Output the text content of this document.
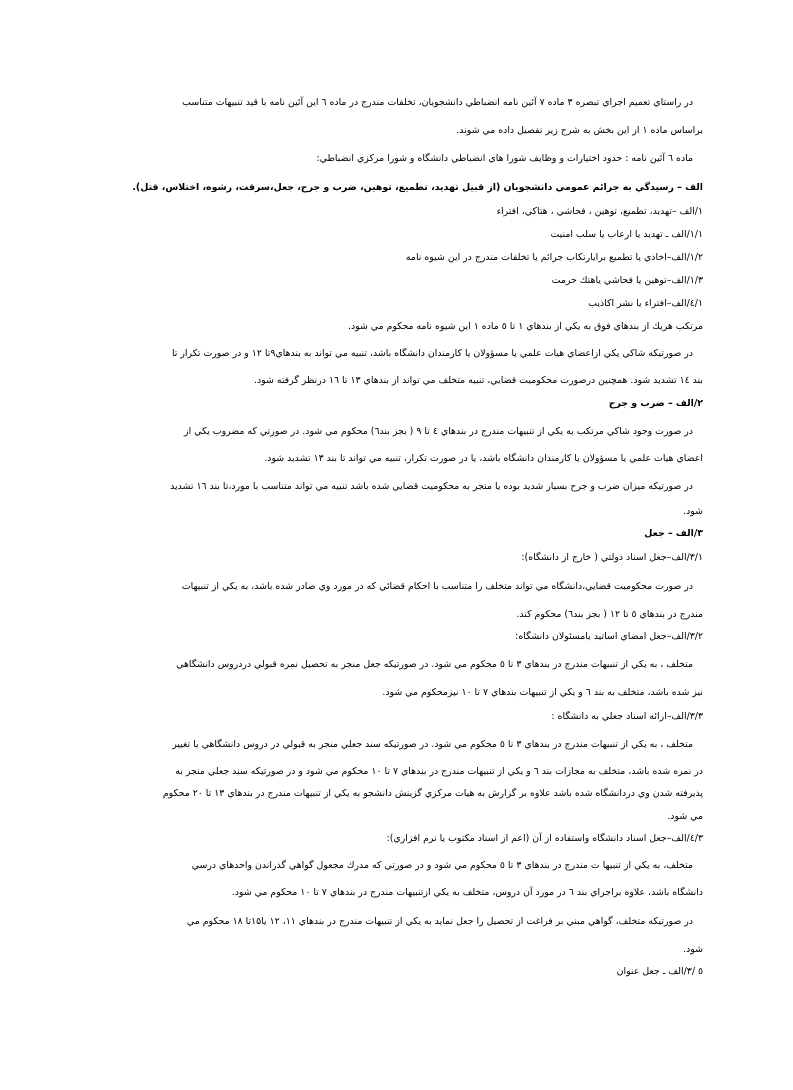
در راستاي تعميم اجراي تبصره ۳ ماده ۷ آئين نامه انضباطي دانشجويان، تخلفات مندرج در ماده ٦ اين آئين نامه با قيد تنبيهات متناسب

براساس ماده ۱ از اين بخش به شرح زير تفصيل داده مي شوند.

ماده ٦ آئين نامه : حدود اختيارات و وظايف شورا هاي انضباطي دانشگاه و شورا مركزي انضباطي:

الف – رسيدگي به جرائم عمومي دانشجويان (از قبيل تهديد، تطميع، توهين، ضرب و جرح، جعل،سرقت، رشوه، اختلاس، قتل).

۱/الف –تهديد، تطميع، توهين ، فحاشي ، هتاكي، افتراء

۱/۱/الف ـ تهديد يا ارعاب يا سلب امنيت

۱/۲/الف–اخاذي يا تطميع برايارتكاب جرائم يا تخلفات مندرج در اين شيوه نامه

۱/۳/الف–توهين يا فحاشي ياهتك حرمت

۱/٤/الف–افتراء يا نشر اكاذيب

مرتكب هريك از بندهاي فوق به يكي از بندهاي ۱ تا ٥ ماده ۱ اين شيوه نامه محكوم مي شود.

در صورتيكه شاكي يكي ازاعضاي هيات علمي يا مسؤولان يا كارمندان دانشگاه باشد، تنبيه مي تواند به بندهاي۹تا ۱۲ و در صورت تكرار تا

بند ۱٤ تشديد شود. همچنين درصورت محكوميت قضايي، تنبيه متخلف مي تواند از بندهاي ۱۳ تا ۱٦ درنظر گرفته شود.

۲/الف – ضرب و جرح

در صورت وجود شاكي مرتكب به يكي از تنبيهات مندرج در بندهاي ٤ تا ۹ ( بجز بند٦) محكوم مي شود. در صورتي كه مضروب يكي از

اعضاي هيات علمي يا مسؤولان يا كارمندان دانشگاه باشد، يا در صورت تكرار، تنبيه مي تواند تا بند ۱۳ تشديد شود.

در صورتيكه ميزان ضرب و جرح بسيار شديد بوده يا منجر به محكوميت قضايي شده باشد تنبيه مي تواند متناسب با مورد،تا بند ۱٦ تشديد

شود.

۳/الف – جعل

۳/۱/الف–جعل اسناد دولتي ( خارج از دانشگاه):

در صورت محكوميت قضايي،دانشگاه مي تواند متخلف را متناسب با احكام قضائي كه در مورد وي صادر شده باشد، به يكي از تنبيهات

مندرج در بندهاي ٥ تا ۱۲ ( بجز بند٦) محكوم كند.

۳/۲/الف–جعل امضاي اساتيد يامسئولان دانشگاه:

متخلف ، به يكي از تنبيهات مندرج در بندهاي ۳ تا ٥ محكوم مي شود. در صورتيكه جعل منجر به تحصيل نمره قبولي دردروس دانشگاهي

نيز شده باشد، متخلف به بند ٦ و يكي از تنبيهات بندهاي ۷ تا ۱۰ نيزمحكوم مي شود.

۳/۳/الف–ارائه اسناد جعلي به دانشگاه :

متخلف ، به يكي از تنبيهات مندرج در بندهاي ۳ تا ٥ محكوم مي شود. در صورتيكه سند جعلي منجر به قبولي در دروس دانشگاهي يا تغيير

در نمره شده باشد، متخلف به مجازات بند ٦ و يكي از تنبيهات مندرج در بندهاي ۷ تا ۱۰ محكوم مي شود و در صورتيكه سند جعلي منجر به

پذيرفته شدن وي دردانشگاه شده باشد علاوه بر گزارش به هيات مركزي گزينش دانشجو به يكي از تنبيهات مندرج در بندهاي ۱۳ تا ۲۰ محكوم

مي شود.

۳/٤/الف–جعل اسناد دانشگاه واستفاده از آن (اعم از اسناد مكتوب يا نرم افزاري):

متخلف، به يكي از تنبيها ت مندرج در بندهاي ۳ تا ٥ محكوم مي شود و در صورتي كه مدرك مجعول گواهي گذراندن واحدهاي درسي

دانشگاه باشد، علاوه براجراي بند ٦ در مورد آن دروس، متخلف به يكي ازتنبيهات مندرج در بندهاي ۷ تا ۱۰ محكوم مي شود.

در صورتيكه متخلف، گواهي مبني بر فراغت از تحصيل را جعل نمايد به يكي از تنبيهات مندرج در بندهاي ۱۱، ۱۲ يا۱۵تا ۱۸ محكوم مي

شود.

٥ /۳/الف ـ جعل عنوان
